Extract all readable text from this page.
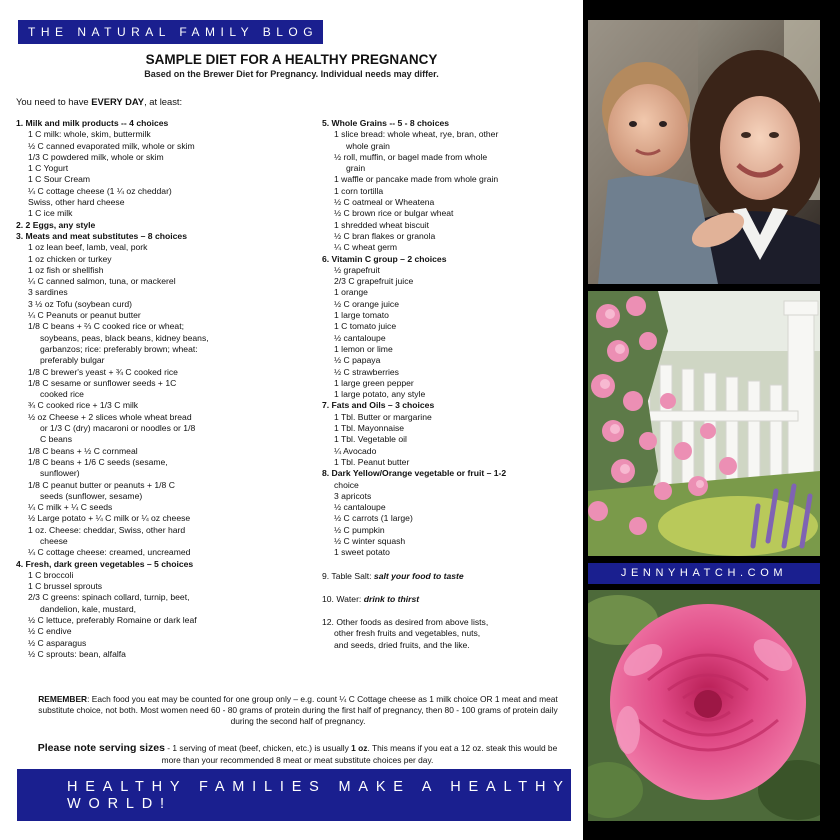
THE NATURAL FAMILY BLOG
SAMPLE DIET FOR A HEALTHY PREGNANCY
Based on the Brewer Diet for Pregnancy. Individual needs may differ.
You need to have EVERY DAY, at least:
1. Milk and milk products -- 4 choices
1 C milk: whole, skim, buttermilk
½ C canned evaporated milk, whole or skim
1/3 C powdered milk, whole or skim
1 C Yogurt
1 C Sour Cream
¼ C cottage cheese (1 ¼ oz cheddar)
Swiss, other hard cheese
1 C ice milk
2. 2 Eggs, any style
3. Meats and meat substitutes – 8 choices
1 oz lean beef, lamb, veal, pork
1 oz chicken or turkey
1 oz fish or shellfish
¼ C canned salmon, tuna, or mackerel
3 sardines
3 ½ oz Tofu (soybean curd)
¼ C Peanuts or peanut butter
1/8 C beans + ⅔ C cooked rice or wheat;
soybeans, peas, black beans, kidney beans,
garbanzos; rice: preferably brown; wheat:
preferably bulgar
1/8 C brewer's yeast + ¾ C cooked rice
1/8 C sesame or sunflower seeds + 1C
cooked rice
¾ C cooked rice + 1/3 C milk
½ oz Cheese + 2 slices whole wheat bread
or 1/3 C (dry) macaroni or noodles or 1/8
C beans
1/8 C beans + ½ C cornmeal
1/8 C beans + 1/6 C seeds (sesame,
sunflower)
1/8 C peanut butter or peanuts + 1/8 C
seeds (sunflower, sesame)
¼ C milk + ¼ C seeds
½ Large potato + ¼ C milk or ¼ oz cheese
1 oz. Cheese: cheddar, Swiss, other hard
cheese
¼ C cottage cheese: creamed, uncreamed
4. Fresh, dark green vegetables – 5 choices
1 C broccoli
1 C brussel sprouts
2/3 C greens: spinach collard, turnip, beet,
dandelion, kale, mustard,
½ C lettuce, preferably Romaine or dark leaf
½ C endive
½ C asparagus
½ C sprouts: bean, alfalfa
5. Whole Grains -- 5 - 8 choices
1 slice bread: whole wheat, rye, bran, other
whole grain
½ roll, muffin, or bagel made from whole
grain
1 waffle or pancake made from whole grain
1 corn tortilla
½ C oatmeal or Wheatena
½ C brown rice or bulgar wheat
1 shredded wheat biscuit
½ C bran flakes or granola
¼ C wheat germ
6. Vitamin C group – 2 choices
½ grapefruit
2/3 C grapefruit juice
1 orange
½ C orange juice
1 large tomato
1 C tomato juice
½ cantaloupe
1 lemon or lime
½ C papaya
½ C strawberries
1 large green pepper
1 large potato, any style
7. Fats and Oils – 3 choices
1 Tbl. Butter or margarine
1 Tbl. Mayonnaise
1 Tbl. Vegetable oil
¼ Avocado
1 Tbl. Peanut butter
8. Dark Yellow/Orange vegetable or fruit – 1-2
choice
3 apricots
½ cantaloupe
½ C carrots (1 large)
½ C pumpkin
½ C winter squash
1 sweet potato
9. Table Salt: salt your food to taste
10. Water: drink to thirst
12. Other foods as desired from above lists,
other fresh fruits and vegetables, nuts,
and seeds, dried fruits, and the like.
REMEMBER: Each food you eat may be counted for one group only – e.g. count ¼ C Cottage cheese as 1 milk choice OR 1 meat and meat substitute choice, not both. Most women need 60 - 80 grams of protein during the first half of pregnancy, then 80 - 100 grams of protein daily during the second half of pregnancy.
Please note serving sizes - 1 serving of meat (beef, chicken, etc.) is usually 1 oz. This means if you eat a 12 oz. steak this would be more than your recommended 8 meat or meat substitute choices per day.
HEALTHY FAMILIES MAKE A HEALTHY WORLD!
JENNYHATCH.COM
